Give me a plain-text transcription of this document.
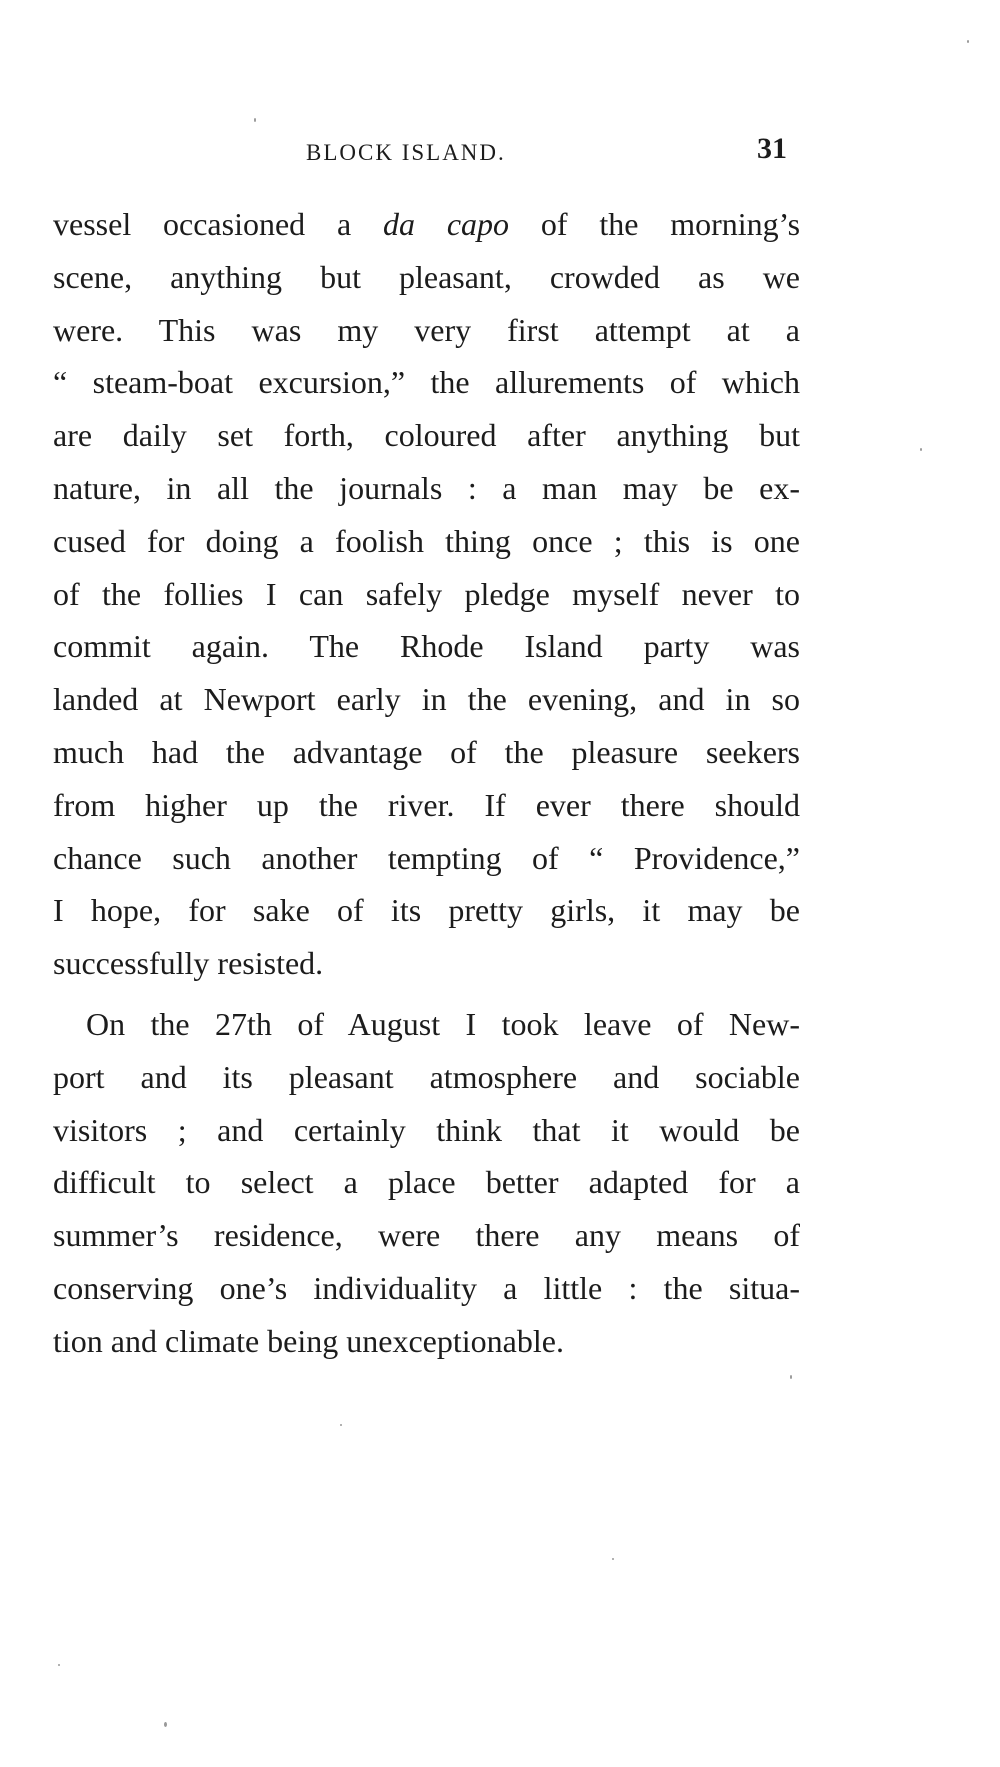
BLOCK ISLAND.	31
vessel occasioned a da capo of the morning’s
scene, anything but pleasant, crowded as we
were. This was my very first attempt at a
“ steam-boat excursion,” the allurements of which
are daily set forth, coloured after anything but
nature, in all the journals : a man may be ex-
cused for doing a foolish thing once ; this is one
of the follies I can safely pledge myself never to
commit again. The Rhode Island party was
landed at Newport early in the evening, and in so
much had the advantage of the pleasure seekers
from higher up the river. If ever there should
chance such another tempting of “ Providence,”
I hope, for sake of its pretty girls, it may be
successfully resisted.
On the 27th of August I took leave of New-
port and its pleasant atmosphere and sociable
visitors ; and certainly think that it would be
difficult to select a place better adapted for a
summer’s residence, were there any means of
conserving one’s individuality a little : the situa-
tion and climate being unexceptionable.
